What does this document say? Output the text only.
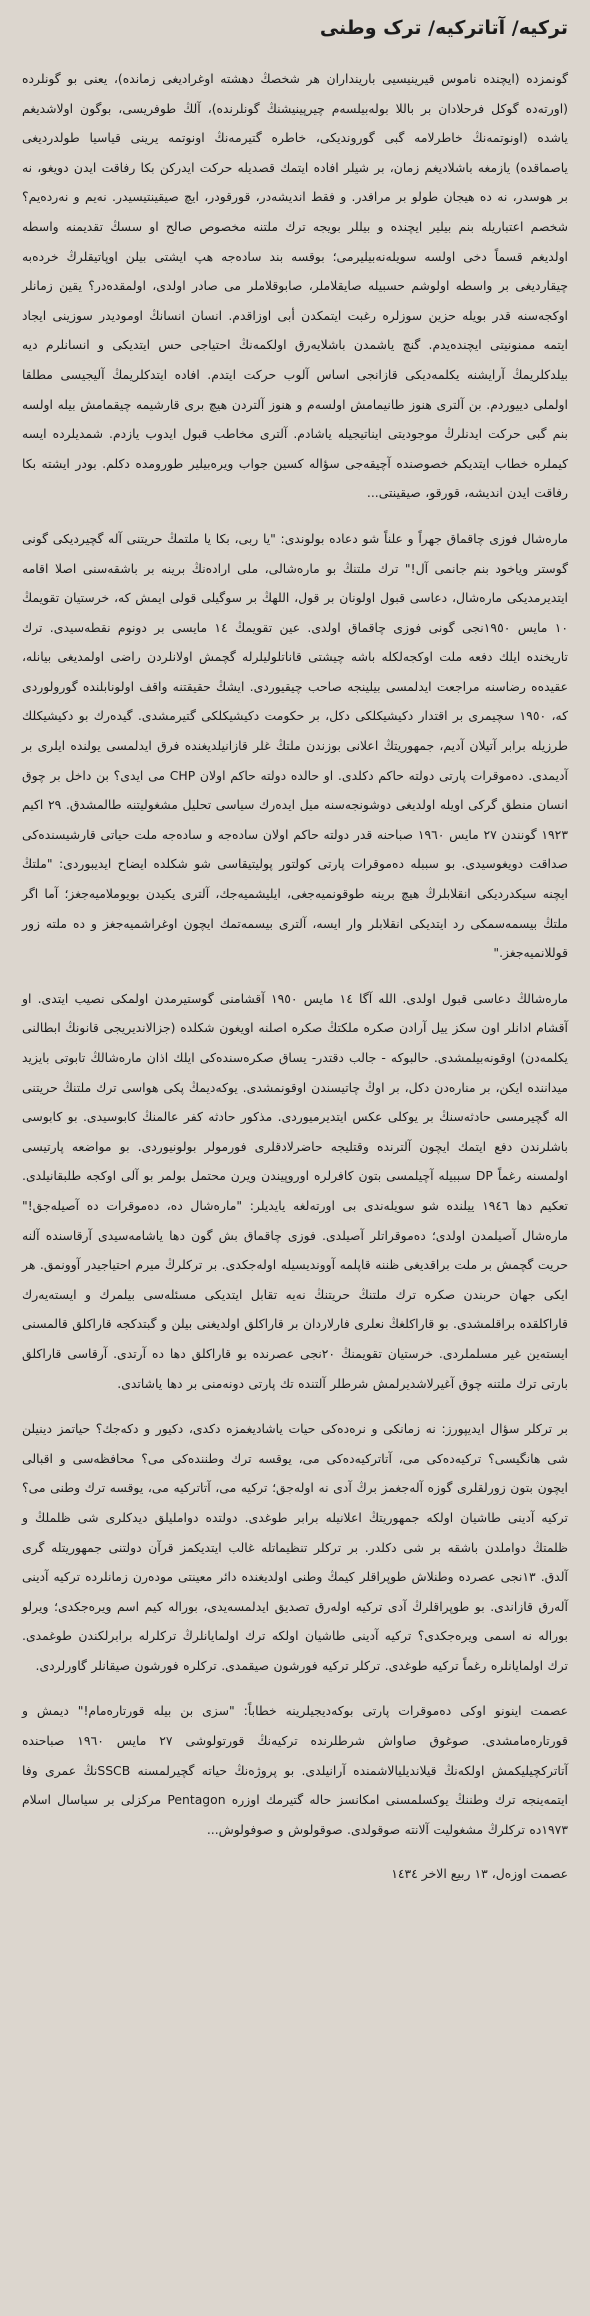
ترکیه/ آتاترکیه/ ترک وطنی

گونمزده (ایچنده ناموس قیرینیسیی بارینداران هر شخصڭ دهشته اوغرادیغی زمانده)، یعنی بو گونلرده (اورتەده گوکل فرحلادان بر باللا بولەبیلسەم چیرپینیشنڭ گونلرنده)، آلڭ طوفریسی، بوگون اولاشدیغم یاشده (اونوتمەنڭ خاطرلامه گبی گوروندیکی، خاطره گتیرمەنڭ اونوتمه یرینی قیاسیا طولدردیغی یاصماقده) یازمغه باشلادیغم زمان، بر شیلر افاده ایتمك قصدیله حرکت ایدرکن بکا رفاقت ایدن دویغو، نه بر هوسدر، نه ده هیجان طولو بر مرافدر. و فقط اندیشەدر، قورقودر، ایچ صیقینتیسیدر. نەیم و نەردەیم؟ شخصم اعتباریله بنم بیلیر ایچنده و بیللر بویجه ترك ملتنه مخصوص صالح او سسڭ تقدیمنه واسطه اولدیغم قسماً دخی اولسه سویلەنەبیلیرمی؛ بوقسه بند سادەجه هپ ایشتی بیلن اوپاتیقلرڭ خردەبه چیقاردیغی بر واسطه اولوشم حسبیله صایقلاملر، صابوقلاملر می صادر اولدی، اولمقدەدر؟ یقین زمانلر اوکجەسنه قدر بویله حزین سوزلره رغبت ایتمکدن أبی اوزاقدم. انسان انسانڭ اومودیدر سوزینی ایجاد ایتمه ممنونیتی ایچندەیدم. گنچ یاشمدن باشلایەرق اولکمەنڭ احتیاجی حس ایتدیکی و انسانلرم دیه بیلدکلریمڭ آرایشنه یکلمەدیکی قازانجی اساس آلوب حرکت ایتدم. افاده ایتدکلریمڭ آلیجیسی مطلقا اولملی دییوردم. بن آلتری هنوز طانیمامش اولسەم و هنوز آلتردن هیچ بری قارشیمه چیقمامش بیله اولسه بنم گبی حرکت ایدنلرڭ موجودیتی ایناتیجیله یاشادم. آلتری مخاطب قبول ایدوب یازدم. شمدیلرده ایسه کیملره خطاب ایتدیکم خصوصنده آچیقەجی سؤاله کسین جواب ویرەبیلیر طورومده دکلم. بودر ایشته بکا رفاقت ایدن اندیشه، قورقو، صیقینتی...

مارەشال فوزی چاقماق جهراً و علناً شو دعاده بولوندی: "یا ربی، بکا یا ملتمڭ حریتنی آله گچیرديکی گونی گوستر ویاخود بنم جانمی آل!" ترك ملتنڭ بو مارەشالی، ملی ارادەنڭ برینه بر باشقەسنی اصلا اقامه ایتدیرمدیکی مارەشال، دعاسی قبول اولونان بر قول، اللهڭ بر سوگیلی قولی ایمش که، خرستیان تقویمڭ ١٠ مایس ١٩٥٠نجی گونی فوزی چاقماق اولدی. عین تقویمڭ ١٤ مایسی بر دونوم نقطەسیدی. ترك تاریخنده ایلك دفعه ملت اوکجەلکله باشه چیشتی قاناتلولیلرله گچمش اولانلردن راضی اولمدیغی بیانله، عقیدەه رضاسنه مراجعت ایدلمسی بیلینجه صاحب چیقیوردی. ایشڭ حقیقتنه واقف اولونابلنده گورولوردی که، ١٩٥٠ سچیمری بر اقتدار دکیشیکلکی دکل، بر حکومت دکیشیکلکی گتیرمشدی. گیدەرك بو دکیشیکلك طرزیله برابر آتیلان آدیم، جمهوریتڭ اعلانی بوزندن ملتڭ غلر قازانیلدیغنده فرق ایدلمسی یولنده ایلری بر آدیمدی. دەموقرات پارتی دولته حاکم دکلدی. او حالده دولته حاکم اولان CHP می ایدی؟ بن داخل بر چوق انسان منطق گرکی اویله اولدیغی دوشونجەسنه میل ایدەرك سیاسی تحلیل مشغولیتنه طالمشدق. ٢٩ اکیم ١٩٢٣ گونندن ٢٧ مایس ١٩٦٠ صباحنه قدر دولته حاکم اولان سادەجه و سادەجه ملت حیاتی قارشیسندەکی صداقت دویغوسیدی. بو سببله دەموقرات پارتی کولتور پولیتیقاسی شو شکلده ایضاح ایدیبوردی: "ملتڭ ایچنه سیکدردیکی انقلابلرڭ هیچ برینه طوقونمیەجغی، ایلیشمیەجك، آلتری یکیدن بویوملامیەجغز؛ آما اگر ملتڭ بیسمەسمکی رد ایتدیکی انقلابلر وار ایسه، آلتری بیسمەتمك ایچون اوغراشمیەجغز و ده ملته زور قوللانمیەجغز."

مارەشالڭ دعاسی قبول اولدی. اللە آگا ١٤ مایس ١٩٥٠ آقشامنی گوستیرمدن اولمکی نصیب ایتدی. او آقشام ادانلر اون سکز ییل آرادن صکره ملکتڭ صکره اصلنه اویغون شکلده (جزالاندیریجی قانونڭ ابطالنی یکلمەدن) اوقونەبیلمشدی. حالبوکه - جالب دقتدر- یساق صکرەسندەکی ایلك اذان مارەشالڭ تابوتی بایزید میداننده ایکن، بر منارەدن دکل، بر اوڭ چاتیسندن اوقونمشدی. یوکەدیمڭ پکی هواسی ترك ملتنڭ حریتنی اله گچیرمسی حادثەسنڭ بر یوکلی عکس ایتدیرمیوردی. مذکور حادثه کفر عالمنڭ کابوسیدی. بو کابوسی باشلرندن دفع ایتمك ایچون آلترنده وقتلیجه حاضرلادقلری فورمولر بولونیوردی. بو مواضعه پارتیسی اولمسنه رغماً DP سببیله آچیلمسی بتون کافرلره اوروپیندن ویرن محتمل بولمر بو آلی اوکجه طلبقانیلدی. تعکیم دها ١٩٤٦ ییلنده شو سویلەندی بی اورتەلغه یایدیلر: "مارەشال ده، دەموقرات ده آصیلەجق!" مارەشال آصیلمدن اولدی؛ دەموقراتلر آصیلدی. فوزی چاقماق بش گون دها یاشامەسیدی آرقاسنده آلنه حریت گچمش بر ملت براقدیغی ظننه قاپلمه آووندیسیله اولەجکدی. بر ترکلرڭ میرم احتیاجیدر آوونمق. هر ایکی جهان حربندن صکره ترك ملتنڭ حریتنڭ نەیه تقابل ایتدیکی مسئلەسی بیلمرك و ایستەیەرك قاراکلقده براقلمشدی. بو قاراکلغڭ نعلری فارلاردان بر قاراکلق اولدیغنی بیلن و گبتدکجه قاراکلق قالمسنی ایستەین غیر مسلملردی. خرستیان تقویمنڭ ٢٠نجی عصرنده بو قاراکلق دها ده آرتدی. آرقاسی قاراکلق بارتی ترك ملتنه چوق آغیرلاشدیرلمش شرطلر آلتنده تك پارتی دونەمنی بر دها یاشاتدی.

بر ترکلر سؤال ایدیپورز: نه زمانکی و نرەدەکی حیات یاشادیغمزه دکدی، دکیور و دکەجك؟ حیاتمز دینیلن شی هانگیسی؟ ترکیەدەکی می، آتاترکیەدەکی می، یوقسه ترك وطنندەکی می؟ محافظەسی و اقبالی ایچون بتون زورلقلری گوزه آلەجغمز برڭ آدی نه اولەجق؛ ترکیه می، آتاترکیه می، یوقسه ترك وطنی می؟ ترکیه آدینی طاشیان اولکه جمهوریتڭ اعلانیله برابر طوغدی. دولتده دوامليلق دیدکلری شی ظلملڭ و ظلمتڭ دواملدن باشقه بر شی دکلدر. بر ترکلر تنظیماتله غالب ایتدیکمز قرآن دولتنی جمهوریتله گری آلدق. ١٣نجی عصرده وطنلاش طوپراقلر کیمڭ وطنی اولدیغنده دائر معینتی مودەرن زمانلرده ترکیه آدینی آلەرق قازاندی. بو طوپراقلرڭ آدی ترکیه اولەرق تصدیق ایدلمسەیدی، بوراله کیم اسم ویرەجکدی؛ ویرلو بوراله نه اسمی ویرەجکدی؟ ترکیه آدینی طاشیان اولکه ترك اولمایانلرڭ ترکلرله برابرلکندن طوغمدی. ترك اولمایانلره رغماً ترکیه طوغدی. ترکلر ترکیه فورشون صیقمدی. ترکلره فورشون صیقانلر گاورلردی.

عصمت اینونو اوکی دەموقرات پارتی بوکەدیجیلرینه خطاباً: "سزی بن بیله قورتارەمام!" دیمش و قورتارەمامشدی. صوغوق صاواش شرطلرنده ترکیەنڭ قورتولوشی ٢٧ مایس ١٩٦٠ صباحنده آتاترکچیلیكمش اولکەنڭ قیلاندیلیالاشمنده آرانیلدی. بو پروژەنڭ حیاته گچیرلمسنه SSCBنڭ عمری وفا ایتمەینجه ترك وطننڭ یوکسلمسنی امکانسز حاله گتیرمك اوزره Pentagon مرکزلی بر سیاسال اسلام ١٩٧٣ده ترکلرڭ مشغولیت آلانته صوقولدی. صوقولوش و صوفولوش...

عصمت اوزەل، ١٣ ربیع الاخر ١٤٣٤
